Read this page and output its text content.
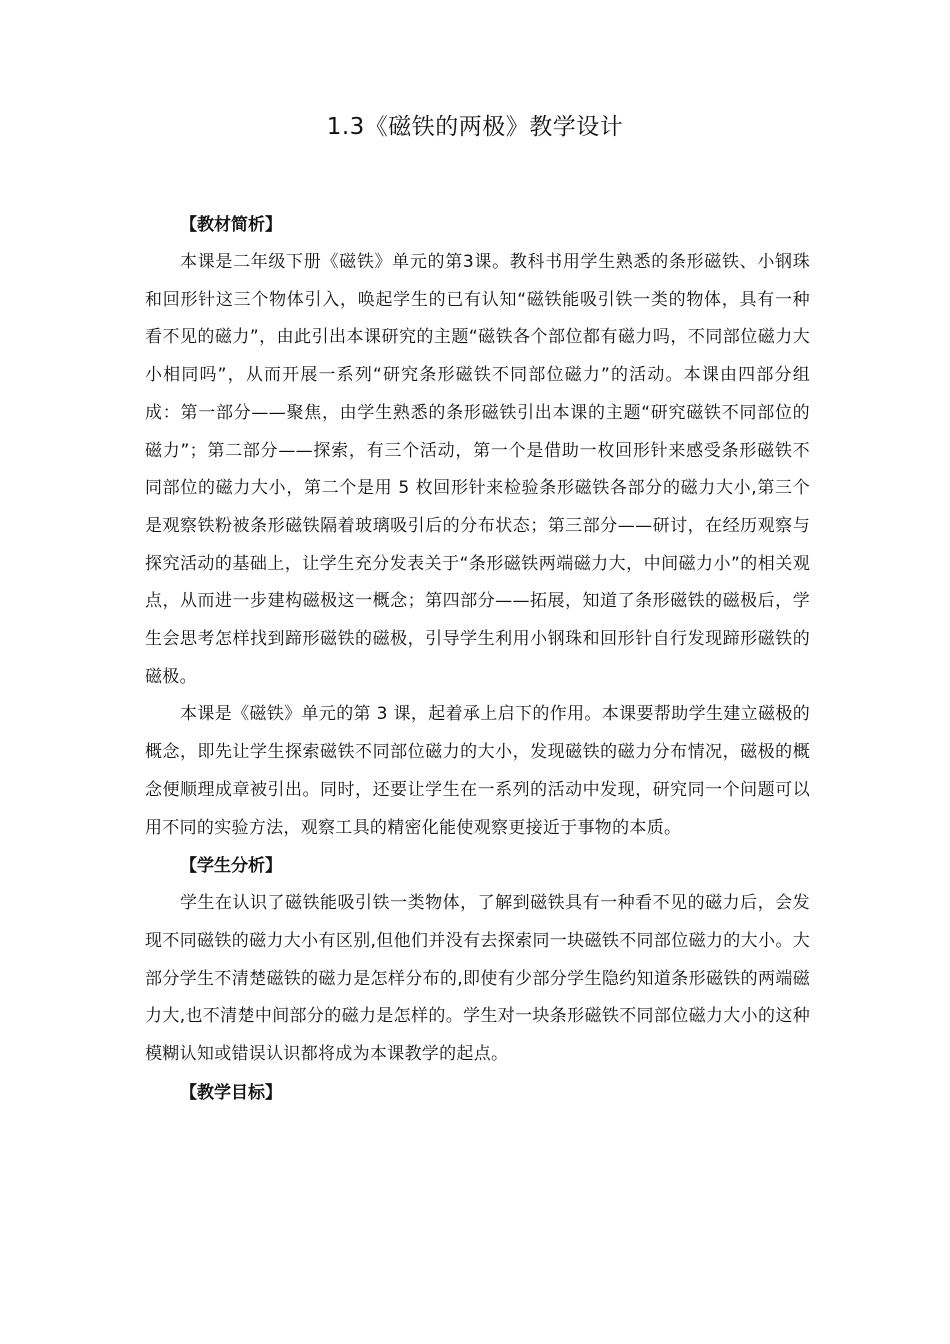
1.3《磁铁的两极》教学设计

【教材简析】

本课是二年级下册《磁铁》单元的第3课。教科书用学生熟悉的条形磁铁、小钢珠和回形针这三个物体引入，唤起学生的已有认知“磁铁能吸引铁一类的物体，具有一种看不见的磁力”，由此引出本课研究的主题“磁铁各个部位都有磁力吗，不同部位磁力大小相同吗”，从而开展一系列“研究条形磁铁不同部位磁力”的活动。本课由四部分组成：第一部分——聚焦，由学生熟悉的条形磁铁引出本课的主题“研究磁铁不同部位的磁力”；第二部分——探索，有三个活动，第一个是借助一枚回形针来感受条形磁铁不同部位的磁力大小，第二个是用 5 枚回形针来检验条形磁铁各部分的磁力大小,第三个是观察铁粉被条形磁铁隔着玻璃吸引后的分布状态；第三部分——研讨，在经历观察与探究活动的基础上，让学生充分发表关于“条形磁铁两端磁力大，中间磁力小”的相关观点，从而进一步建构磁极这一概念；第四部分——拓展，知道了条形磁铁的磁极后，学生会思考怎样找到蹄形磁铁的磁极，引导学生利用小钢珠和回形针自行发现蹄形磁铁的磁极。

本课是《磁铁》单元的第 3 课，起着承上启下的作用。本课要帮助学生建立磁极的概念，即先让学生探索磁铁不同部位磁力的大小，发现磁铁的磁力分布情况，磁极的概念便顺理成章被引出。同时，还要让学生在一系列的活动中发现，研究同一个问题可以用不同的实验方法，观察工具的精密化能使观察更接近于事物的本质。

【学生分析】

学生在认识了磁铁能吸引铁一类物体，了解到磁铁具有一种看不见的磁力后，会发现不同磁铁的磁力大小有区别,但他们并没有去探索同一块磁铁不同部位磁力的大小。大部分学生不清楚磁铁的磁力是怎样分布的,即使有少部分学生隐约知道条形磁铁的两端磁力大,也不清楚中间部分的磁力是怎样的。学生对一块条形磁铁不同部位磁力大小的这种模糊认知或错误认识都将成为本课教学的起点。

【教学目标】
